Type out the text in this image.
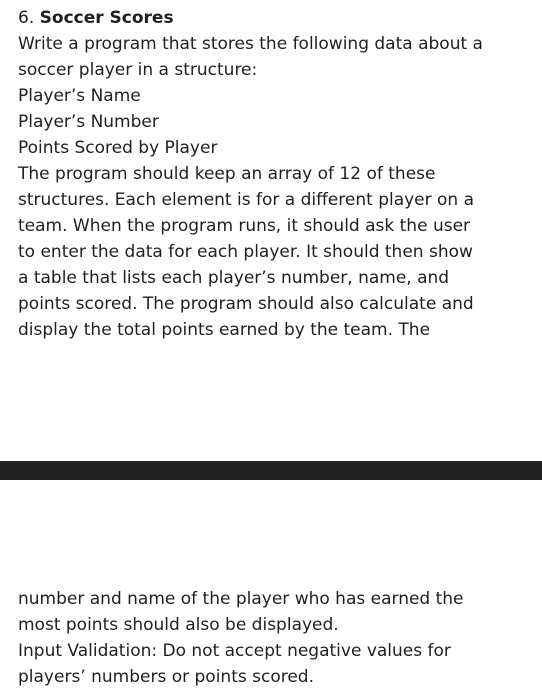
6. Soccer Scores
Write a program that stores the following data about a
soccer player in a structure:
Player’s Name
Player’s Number
Points Scored by Player
The program should keep an array of 12 of these
structures. Each element is for a different player on a
team. When the program runs, it should ask the user
to enter the data for each player. It should then show
a table that lists each player’s number, name, and
points scored. The program should also calculate and
display the total points earned by the team. The
number and name of the player who has earned the
most points should also be displayed.
Input Validation: Do not accept negative values for
players’ numbers or points scored.
